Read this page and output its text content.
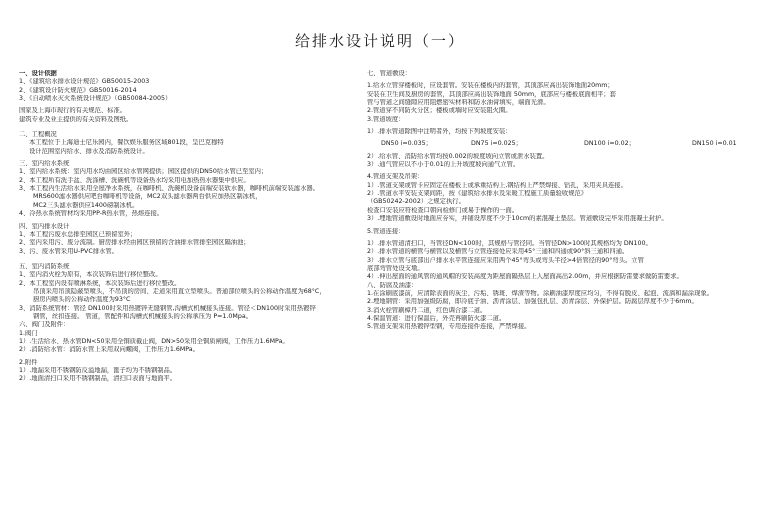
给排水设计说明（一）
一、设计依据
1、《建筑给水排水设计规范》GB50015-2003
2、《建筑设计防火规范》GB50016-2014
3、《自动喷水灭火系统设计规范》（GB50084-2005）
国家及上海市现行的有关规范、标准。
建筑专业及业主提供的有关资料及图纸。
二、工程概况
本工程位于上海迪士尼乐园内，餐饮娱乐服务区域801段，呈巴克穆特
设计范围室内给水、排水及消防系统设计。
三、室内给水系统
1、室内给水系统：室内用水均由园区给水管网提供；园区提供的DN50给水管已至室内；
2、本工程所有洗手盆、洗涤槽、洗碗机等设备热水均采用电加热热水器集中供应。
3、本工程内生活给水采用全屋净水系统，在咖啡机、洗碗机设备前端安装软水器，咖啡机前端安装滤水器。
MRS600滤水器供应吧台咖啡机等设备，MC2双头滤水器两台供应加热区制冰机，
MC2三头滤水器供应1400磅制冰机。
4、冷热水系统管材均采用PP-R热水管，热熔连接。
四、室内排水设计
1、本工程污废水总排至园区已预留室外；
2、室内采用污、废分流制。厨房排水经由园区预留的含油排水管排至园区隔油池；
3、污、废水管采用U-PVC排水管。
五、室内消防系统
1、室内消火栓为原有，本次装饰后进行移位整改。
2、本工程室内设有喷淋系统，本次装饰后进行移位整改。
吊顶采用吊顶隐蔽型喷头，不吊顶的房间、走道采用直立型喷头。普通部位喷头的公称动作温度为68°C，
厨房内喷头的公称动作温度为93°C
3、消防系统管材：管径 DN100时采用热镀锌无缝钢管,沟槽式机械接头连接。管径＜DN100时采用热镀锌
钢管，丝扣连接。 管道，管配件和沟槽式机械接头的公称承压为 P=1.0Mpa。
六、阀门及附件：
1.阀门
1）.生活给水、热水管DN<50采用全铜质截止阀，DN>50采用全铜质闸阀，工作压力1.6MPa。
2）.消防给水管：消防水管上采用双向螺阀，工作压力1.6MPa。
2.附件
1）.地漏采用不锈钢防反溢地漏，篦子均为不锈钢制品。
2）.地面清扫口采用不锈钢制品，清扫口表面与地面平。
七、管道敷设：
1.给水立管穿楼板时，应设套管。安装在楼板内的套管，其顶部应高出装饰地面20mm；
安装在卫生间及厨房的套管，其顶部应高出装饰地面 50mm，底部应与楼板底面相平；套
管与管道之间缝隙应用阻燃密实材料和防水油膏填实，端面光滑。
2.管道穿不同防火分区；楼板或墙时应安装阻火圈。
3.管道坡度：
1）.排水管道除图中注明者外，均按下列坡度安装：
DN50 i=0.035；	DN75 i=0.025；	DN100 i=0.02；	DN150 i=0.01
2）.给水管、消防给水管均按0.002的坡度坡向立管或泄水装置。
3）.通气管应以不小于0.01的上升坡度坡向通气立管。
4.管道支架及吊架：
1）.管道支架或管卡应固定在楼板上或承重结构上,钢结构上严禁焊接、钻孔，采用夹具连接。
2）.管道水平安装支架间距，按《建筑给水排水及采暖工程施工质量验收规范》
（GB50242-2002）之规定执行。
检查口安装应符检查口朝向检修门或易于操作的一面。
3）.埋地管道敷设时地面应夯实，并铺设厚度不少于10cm的素混凝土垫层。管道敷设完毕采用混凝土封护。
5.管道连接：
1）.排水管道清扫口，当管径DN<100时，其规格与管径同。当管径DN>100时其规格均为 DN100。
2）.排水管道的横管与横管以及横管与立管连接处应采用45°三通和四通或90°斜三通和四通。
3）.排水立管与底部出户排水水平管连接应采用两个45°弯头或弯头半径>4倍管径的90°弯头。立管
底部弯管处设支墩。
4）.伸出屋面的通风管的通风帽的安装高度为距屋面隔热层上人屋面高出2.00m，并应根据防雷要求做防雷要求。
八、防腐及油漆：
1.在涂刷底漆前，应清除表面的灰尘、污垢、锈斑、焊渣等物。涂刷油漆厚度应均匀，不得有脱皮、起泡、流淌和漏涂现象。
2.埋地钢管：采用加强级防腐，即冷底子油、沥青涂层、加强包扎层、沥青涂层、外保护层。防腐层厚度不少于6mm。
3.消火栓管刷樟丹二道，红色调合漆二道。
4.保温管道：进行保温后，外壳再刷防火漆二道。
5.管道支架采用热镀锌型钢，专用连接件连接，严禁焊接。
